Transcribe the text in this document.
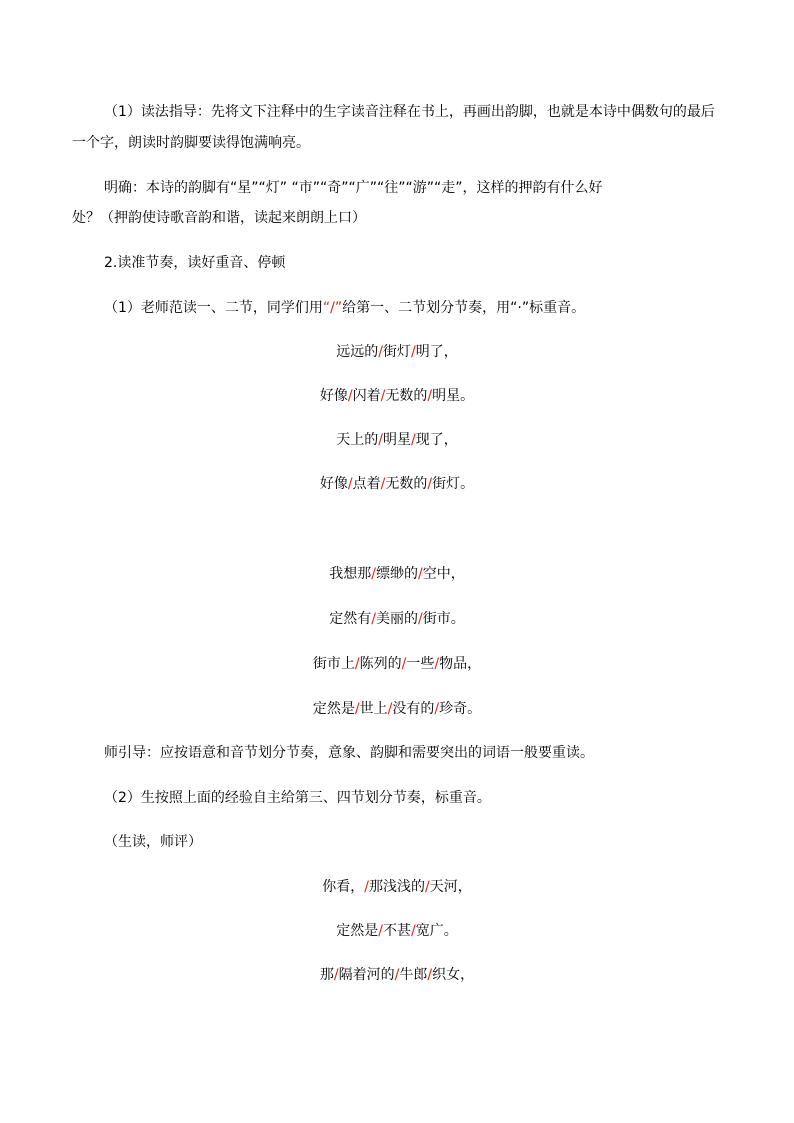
（1）读法指导：先将文下注释中的生字读音注释在书上，再画出韵脚，也就是本诗中偶数句的最后
一个字，朗读时韵脚要读得饱满响亮。
明确：本诗的韵脚有“星”“灯” “市”“奇”“广”“往”“游”“走”，这样的押韵有什么好
处？（押韵使诗歌音韵和谐，读起来朗朗上口）
2.读准节奏，读好重音、停顿
（1）老师范读一、二节，同学们用“/”给第一、二节划分节奏，用“·”标重音。
远远的/街灯/明了，
好像/闪着/无数的/明星。
天上的/明星/现了，
好像/点着/无数的/街灯。
我想那/缥缈的/空中，
定然有/美丽的/街市。
街市上/陈列的/一些/物品，
定然是/世上/没有的/珍奇。
师引导：应按语意和音节划分节奏，意象、韵脚和需要突出的词语一般要重读。
（2）生按照上面的经验自主给第三、四节划分节奏，标重音。
（生读，师评）
你看，/那浅浅的/天河，
定然是/不甚/宽广。
那/隔着河的/牛郎/织女，
